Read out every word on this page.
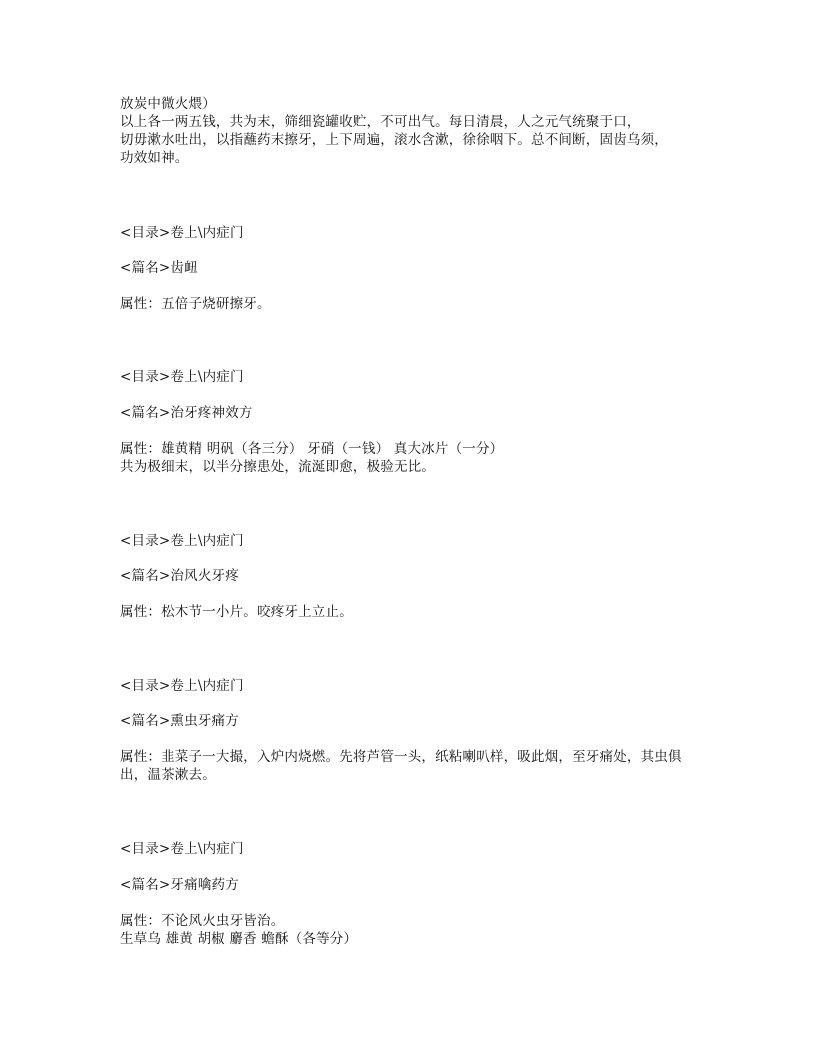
放炭中微火煨）
以上各一两五钱，共为末，筛细瓷罐收贮，不可出气。每日清晨，人之元气统聚于口，
切毋漱水吐出，以指蘸药末擦牙，上下周遍，滚水含漱，徐徐咽下。总不间断，固齿乌须，
功效如神。
<目录>卷上\内症门
<篇名>齿衄
属性：五倍子烧研擦牙。
<目录>卷上\内症门
<篇名>治牙疼神效方
属性：雄黄精 明矾（各三分） 牙硝（一钱） 真大冰片（一分）
共为极细末，以半分擦患处，流涎即愈，极验无比。
<目录>卷上\内症门
<篇名>治风火牙疼
属性：松木节一小片。咬疼牙上立止。
<目录>卷上\内症门
<篇名>熏虫牙痛方
属性：韭菜子一大撮，入炉内烧燃。先将芦管一头，纸粘喇叭样，吸此烟，至牙痛处，其虫俱
出，温茶漱去。
<目录>卷上\内症门
<篇名>牙痛噙药方
属性：不论风火虫牙皆治。
生草乌 雄黄 胡椒 麝香 蟾酥（各等分）
